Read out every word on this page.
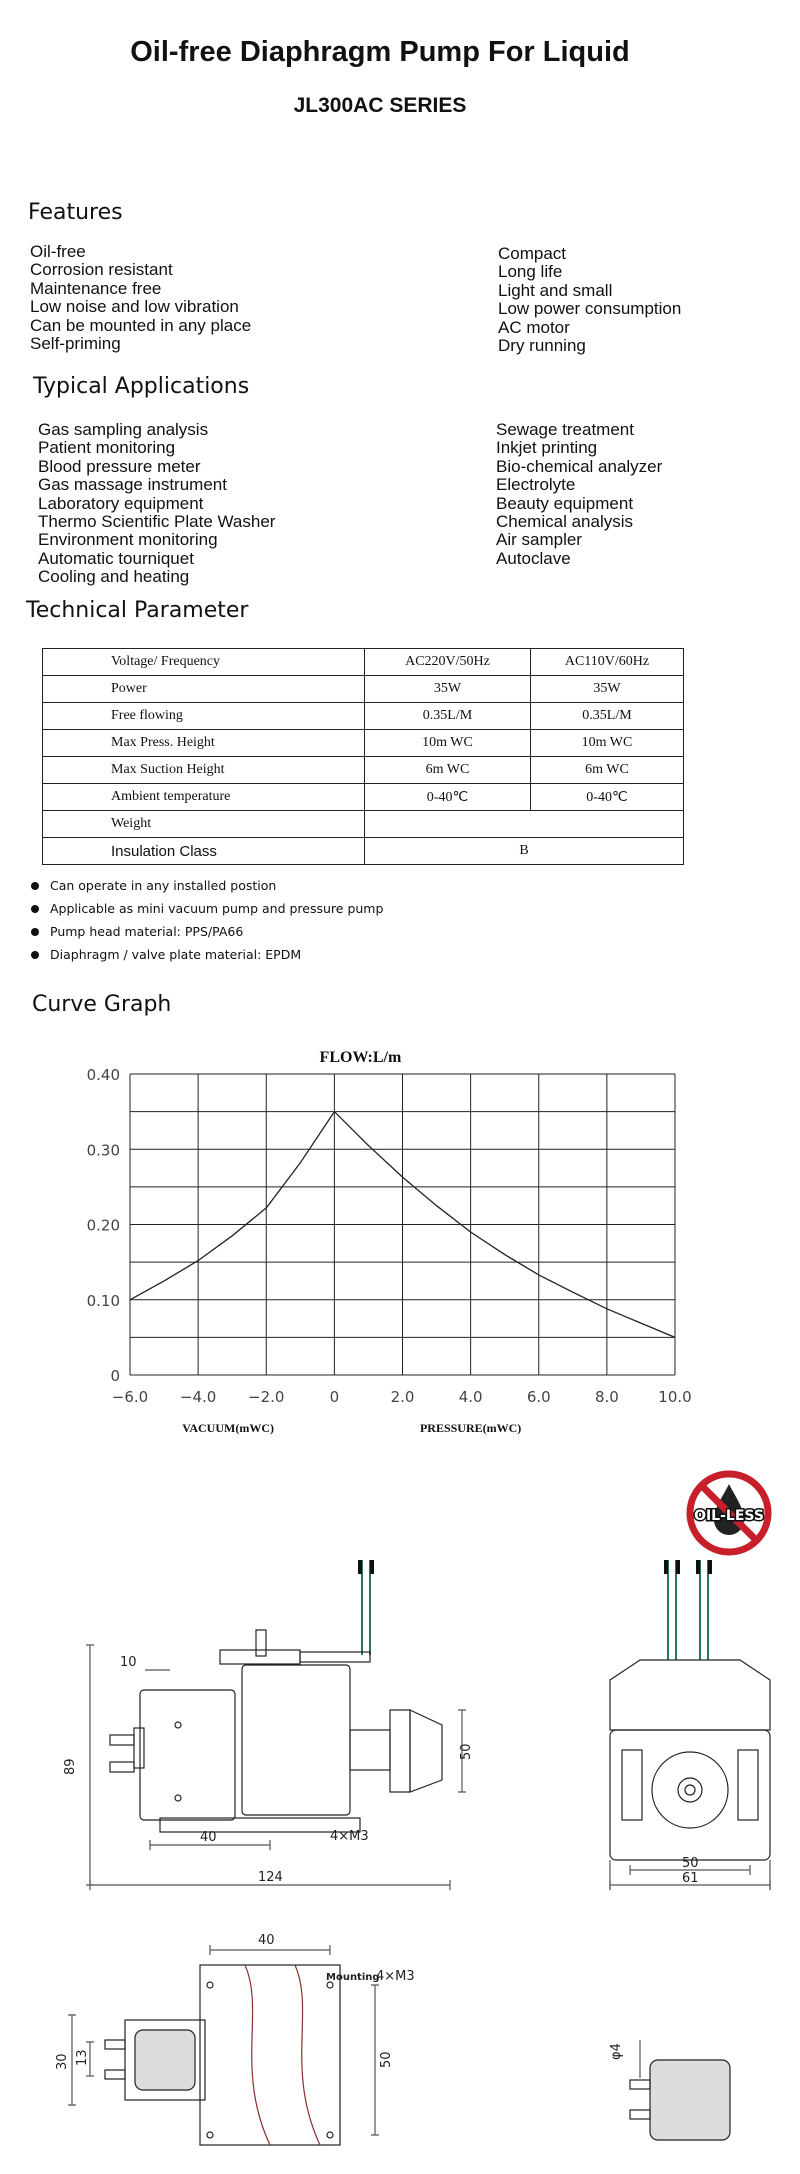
Oil-free Diaphragm Pump For Liquid
JL300AC SERIES
Features
Oil-free
Corrosion resistant
Maintenance free
Low noise and low vibration
Can be mounted in any place
Self-priming
Compact
Long life
Light and small
Low power consumption
AC motor
Dry running
Typical Applications
Gas sampling analysis
Patient monitoring
Blood pressure meter
Gas massage instrument
Laboratory equipment
Thermo Scientific Plate Washer
Environment monitoring
Automatic tourniquet
Cooling and heating
Sewage treatment
Inkjet printing
Bio-chemical analyzer
Electrolyte
Beauty equipment
Chemical analysis
Air sampler
Autoclave
Technical Parameter
Voltage/ Frequency	AC220V/50Hz	AC110V/60Hz
Power	35W	35W
Free flowing	0.35L/M	0.35L/M
Max Press. Height	10m WC	10m WC
Max Suction Height	6m WC	6m WC
Ambient temperature	0-40℃	0-40℃
Weight		
Insulation Class	B	
Can operate in any installed postion
Applicable as mini vacuum pump and pressure pump
Pump head material: PPS/PA66
Diaphragm / valve plate material: EPDM
Curve Graph
0.40
0.30
0.20
0.10
0
−6.0 −4.0 −2.0	0	2.0	4.0	6.0	8.0	10.0
FLOW:L/m
VACUUM(mWC)	PRESSURE(mWC)
OIL-LESS
10
89
50
40	4×M3
124
50
61
40
Mounting
4×M3
30 13	50	φ4
